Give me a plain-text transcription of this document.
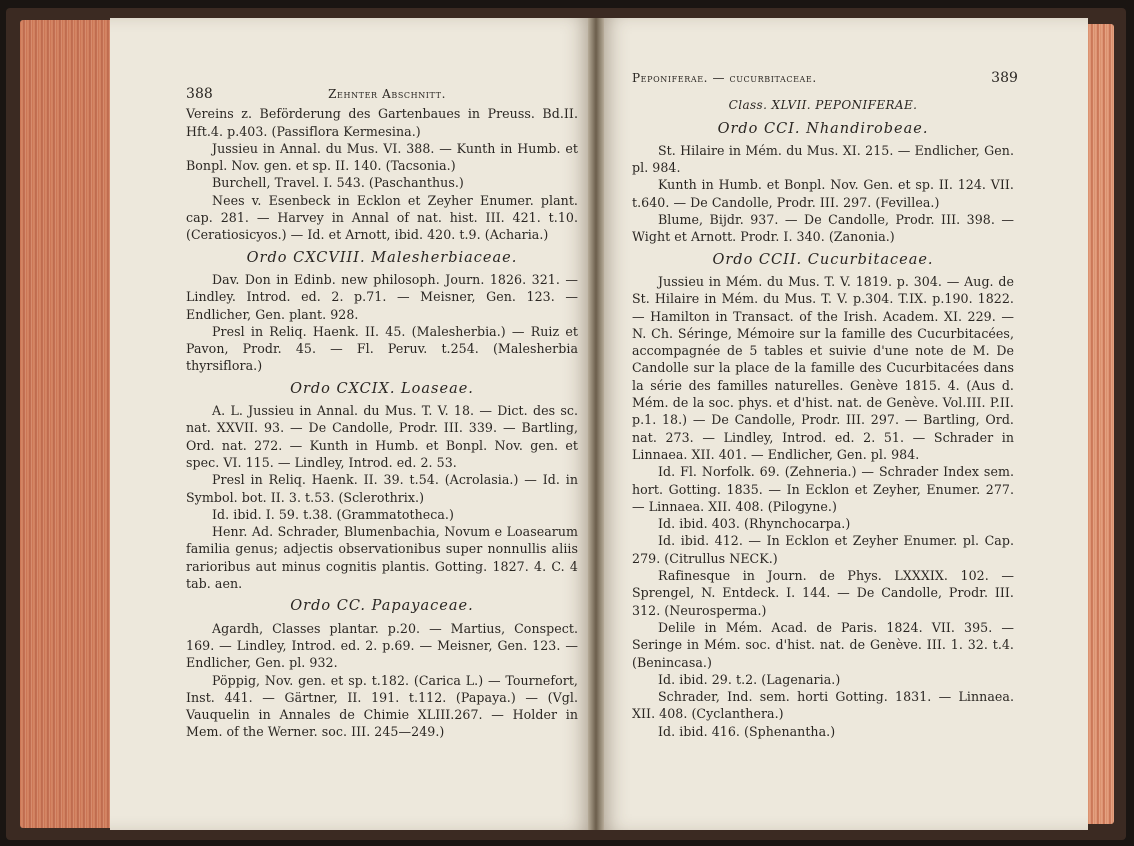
388	Zehnter Abschnitt.
Vereins z. Beförderung des Gartenbaues in Preuss. Bd.II. Hft.4. p.403. (Passiflora Kermesina.)
Jussieu in Annal. du Mus. VI. 388. — Kunth in Humb. et Bonpl. Nov. gen. et sp. II. 140. (Tacsonia.)
Burchell, Travel. I. 543. (Paschanthus.)
Nees v. Esenbeck in Ecklon et Zeyher Enumer. plant. cap. 281. — Harvey in Annal of nat. hist. III. 421. t.10. (Ceratiosicyos.) — Id. et Arnott, ibid. 420. t.9. (Acharia.)
Ordo CXCVIII. Malesherbiaceae.
Dav. Don in Edinb. new philosoph. Journ. 1826. 321. — Lindley. Introd. ed. 2. p.71. — Meisner, Gen. 123. — Endlicher, Gen. plant. 928.
Presl in Reliq. Haenk. II. 45. (Malesherbia.) — Ruiz et Pavon, Prodr. 45. — Fl. Peruv. t.254. (Malesherbia thyrsiflora.)
Ordo CXCIX. Loaseae.
A. L. Jussieu in Annal. du Mus. T. V. 18. — Dict. des sc. nat. XXVII. 93. — De Candolle, Prodr. III. 339. — Bartling, Ord. nat. 272. — Kunth in Humb. et Bonpl. Nov. gen. et spec. VI. 115. — Lindley, Introd. ed. 2. 53.
Presl in Reliq. Haenk. II. 39. t.54. (Acrolasia.) — Id. in Symbol. bot. II. 3. t.53. (Sclerothrix.)
Id. ibid. I. 59. t.38. (Grammatotheca.)
Henr. Ad. Schrader, Blumenbachia, Novum e Loasearum familia genus; adjectis observationibus super nonnullis aliis rarioribus aut minus cognitis plantis. Gotting. 1827. 4. C. 4 tab. aen.
Ordo CC. Papayaceae.
Agardh, Classes plantar. p.20. — Martius, Conspect. 169. — Lindley, Introd. ed. 2. p.69. — Meisner, Gen. 123. — Endlicher, Gen. pl. 932.
Pöppig, Nov. gen. et sp. t.182. (Carica L.) — Tournefort, Inst. 441. — Gärtner, II. 191. t.112. (Papaya.) — (Vgl. Vauquelin in Annales de Chimie XLIII.267. — Holder in Mem. of the Werner. soc. III. 245—249.)
Peponiferae. — cucurbitaceae.	389
Class. XLVII. PEPONIFERAE.
Ordo CCI. Nhandirobeae.
St. Hilaire in Mém. du Mus. XI. 215. — Endlicher, Gen. pl. 984.
Kunth in Humb. et Bonpl. Nov. Gen. et sp. II. 124. VII. t.640. — De Candolle, Prodr. III. 297. (Fevillea.)
Blume, Bijdr. 937. — De Candolle, Prodr. III. 398. — Wight et Arnott. Prodr. I. 340. (Zanonia.)
Ordo CCII. Cucurbitaceae.
Jussieu in Mém. du Mus. T. V. 1819. p. 304. — Aug. de St. Hilaire in Mém. du Mus. T. V. p.304. T.IX. p.190. 1822. — Hamilton in Transact. of the Irish. Academ. XI. 229. — N. Ch. Séringe, Mémoire sur la famille des Cucurbitacées, accompagnée de 5 tables et suivie d'une note de M. De Candolle sur la place de la famille des Cucurbitacées dans la série des familles naturelles. Genève 1815. 4. (Aus d. Mém. de la soc. phys. et d'hist. nat. de Genève. Vol.III. P.II. p.1. 18.) — De Candolle, Prodr. III. 297. — Bartling, Ord. nat. 273. — Lindley, Introd. ed. 2. 51. — Schrader in Linnaea. XII. 401. — Endlicher, Gen. pl. 984.
Id. Fl. Norfolk. 69. (Zehneria.) — Schrader Index sem. hort. Gotting. 1835. — In Ecklon et Zeyher, Enumer. 277. — Linnaea. XII. 408. (Pilogyne.)
Id. ibid. 403. (Rhynchocarpa.)
Id. ibid. 412. — In Ecklon et Zeyher Enumer. pl. Cap. 279. (Citrullus NECK.)
Rafinesque in Journ. de Phys. LXXXIX. 102. — Sprengel, N. Entdeck. I. 144. — De Candolle, Prodr. III. 312. (Neurosperma.)
Delile in Mém. Acad. de Paris. 1824. VII. 395. — Seringe in Mém. soc. d'hist. nat. de Genève. III. 1. 32. t.4. (Benincasa.)
Id. ibid. 29. t.2. (Lagenaria.)
Schrader, Ind. sem. horti Gotting. 1831. — Linnaea. XII. 408. (Cyclanthera.)
Id. ibid. 416. (Sphenantha.)
